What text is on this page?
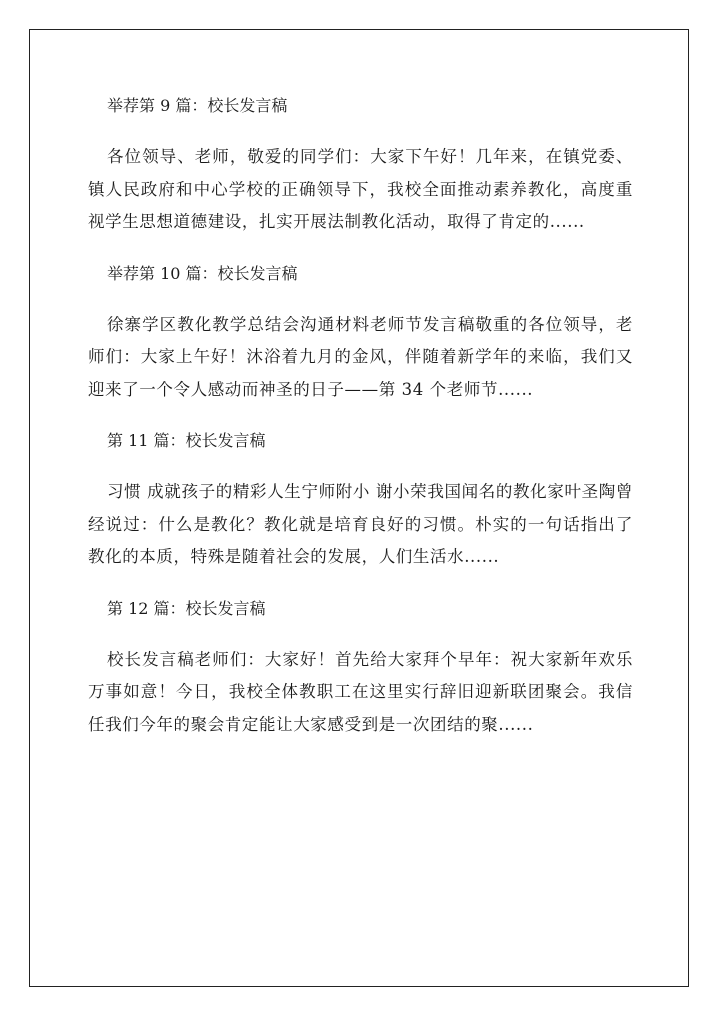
举荐第 9 篇：校长发言稿

各位领导、老师，敬爱的同学们：大家下午好！几年来，在镇党委、镇人民政府和中心学校的正确领导下，我校全面推动素养教化，高度重视学生思想道德建设，扎实开展法制教化活动，取得了肯定的......

举荐第 10 篇：校长发言稿

徐寨学区教化教学总结会沟通材料老师节发言稿敬重的各位领导，老师们：大家上午好！沐浴着九月的金风，伴随着新学年的来临，我们又迎来了一个令人感动而神圣的日子——第 34 个老师节......

第 11 篇：校长发言稿

习惯 成就孩子的精彩人生宁师附小 谢小荣我国闻名的教化家叶圣陶曾经说过：什么是教化？教化就是培育良好的习惯。朴实的一句话指出了教化的本质，特殊是随着社会的发展，人们生活水......

第 12 篇：校长发言稿

校长发言稿老师们：大家好！首先给大家拜个早年：祝大家新年欢乐万事如意！今日，我校全体教职工在这里实行辞旧迎新联团聚会。我信任我们今年的聚会肯定能让大家感受到是一次团结的聚......
